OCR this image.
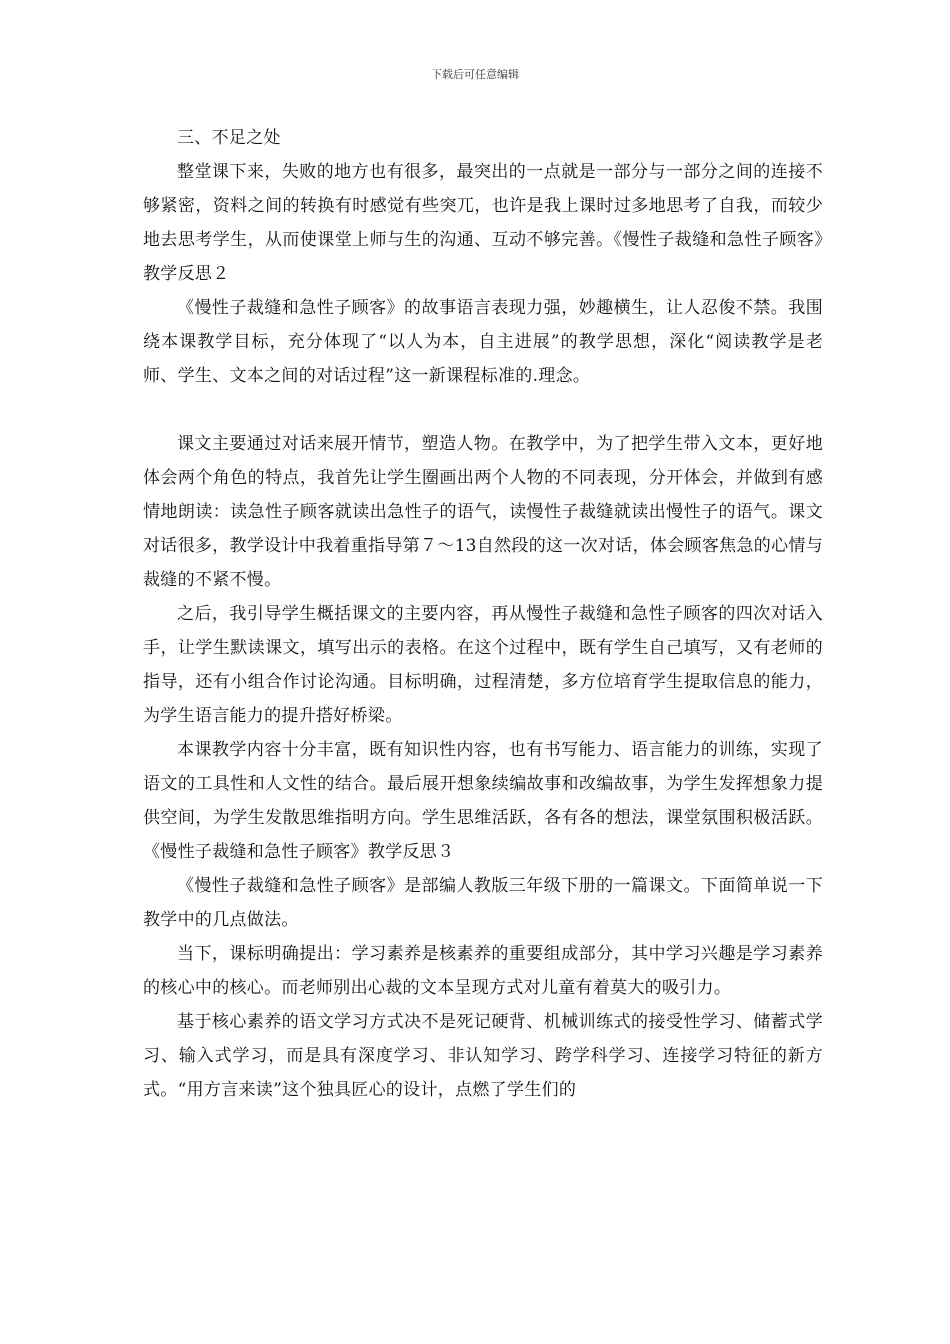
下载后可任意编辑

三、不足之处

整堂课下来，失败的地方也有很多，最突出的一点就是一部分与一部分之间的连接不够紧密，资料之间的转换有时感觉有些突兀，也许是我上课时过多地思考了自我，而较少地去思考学生，从而使课堂上师与生的沟通、互动不够完善。《慢性子裁缝和急性子顾客》教学反思２

《慢性子裁缝和急性子顾客》的故事语言表现力强，妙趣横生，让人忍俊不禁。我围绕本课教学目标，充分体现了“以人为本，自主进展”的教学思想，深化“阅读教学是老师、学生、文本之间的对话过程”这一新课程标准的.理念。

课文主要通过对话来展开情节，塑造人物。在教学中，为了把学生带入文本，更好地体会两个角色的特点，我首先让学生圈画出两个人物的不同表现，分开体会，并做到有感情地朗读：读急性子顾客就读出急性子的语气，读慢性子裁缝就读出慢性子的语气。课文对话很多，教学设计中我着重指导第７～13自然段的这一次对话，体会顾客焦急的心情与裁缝的不紧不慢。

之后，我引导学生概括课文的主要内容，再从慢性子裁缝和急性子顾客的四次对话入手，让学生默读课文，填写出示的表格。在这个过程中，既有学生自己填写，又有老师的指导，还有小组合作讨论沟通。目标明确，过程清楚，多方位培育学生提取信息的能力，为学生语言能力的提升搭好桥梁。

本课教学内容十分丰富，既有知识性内容，也有书写能力、语言能力的训练，实现了语文的工具性和人文性的结合。最后展开想象续编故事和改编故事，为学生发挥想象力提供空间，为学生发散思维指明方向。学生思维活跃，各有各的想法，课堂氛围积极活跃。《慢性子裁缝和急性子顾客》教学反思３

《慢性子裁缝和急性子顾客》是部编人教版三年级下册的一篇课文。下面简单说一下教学中的几点做法。

当下，课标明确提出：学习素养是核素养的重要组成部分，其中学习兴趣是学习素养的核心中的核心。而老师别出心裁的文本呈现方式对儿童有着莫大的吸引力。

基于核心素养的语文学习方式决不是死记硬背、机械训练式的接受性学习、储蓄式学习、输入式学习，而是具有深度学习、非认知学习、跨学科学习、连接学习特征的新方式。“用方言来读”这个独具匠心的设计，点燃了学生们的
